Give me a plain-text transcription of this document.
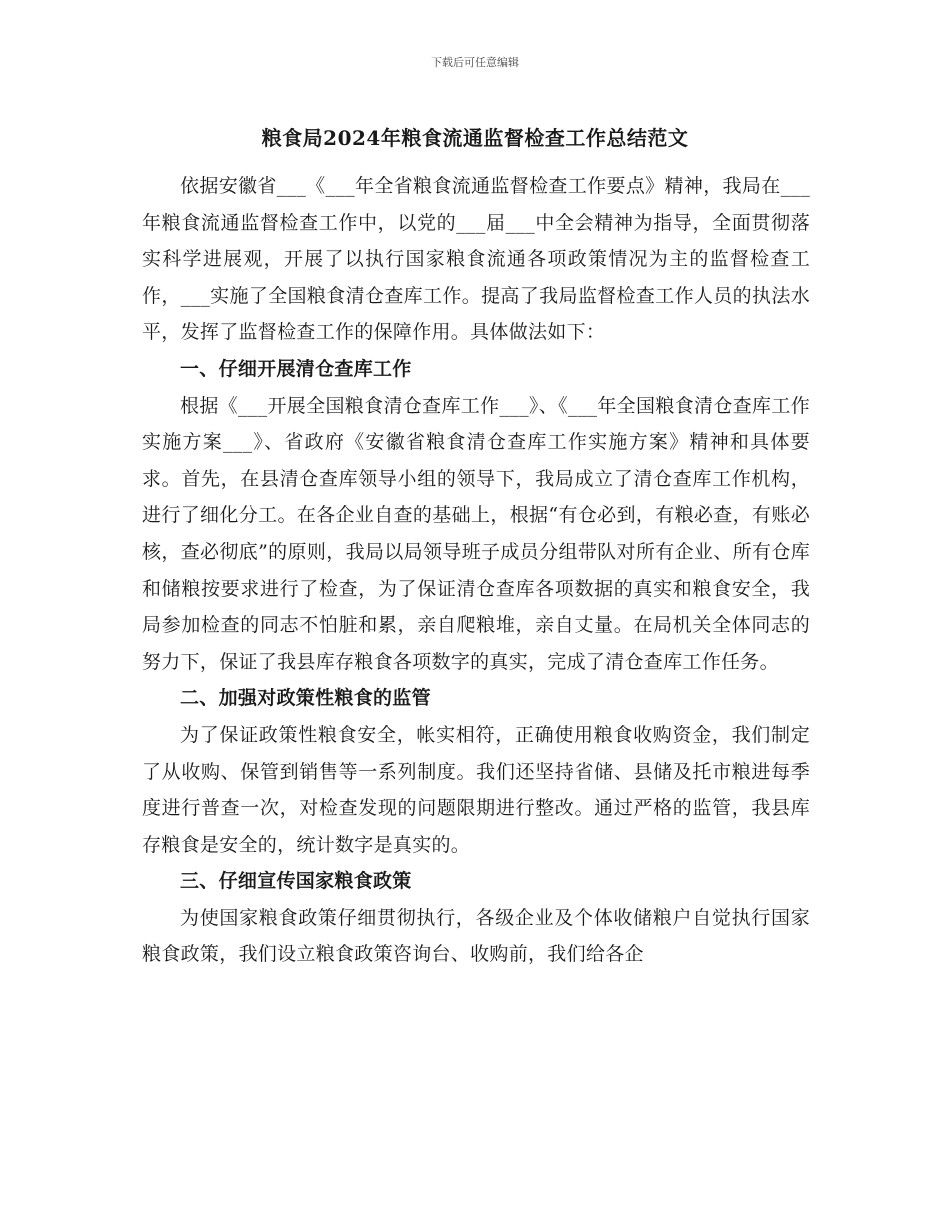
下载后可任意编辑
粮食局2024年粮食流通监督检查工作总结范文

依据安徽省___《___年全省粮食流通监督检查工作要点》精神，我局在___年粮食流通监督检查工作中，以党的___届___中全会精神为指导，全面贯彻落实科学进展观，开展了以执行国家粮食流通各项政策情况为主的监督检查工作，___实施了全国粮食清仓查库工作。提高了我局监督检查工作人员的执法水平，发挥了监督检查工作的保障作用。具体做法如下：

一、仔细开展清仓查库工作

根据《___开展全国粮食清仓查库工作___》、《___年全国粮食清仓查库工作实施方案___》、省政府《安徽省粮食清仓查库工作实施方案》精神和具体要求。首先，在县清仓查库领导小组的领导下，我局成立了清仓查库工作机构，进行了细化分工。在各企业自查的基础上，根据“有仓必到，有粮必查，有账必核，查必彻底”的原则，我局以局领导班子成员分组带队对所有企业、所有仓库和储粮按要求进行了检查，为了保证清仓查库各项数据的真实和粮食安全，我局参加检查的同志不怕脏和累，亲自爬粮堆，亲自丈量。在局机关全体同志的努力下，保证了我县库存粮食各项数字的真实，完成了清仓查库工作任务。

二、加强对政策性粮食的监管

为了保证政策性粮食安全，帐实相符，正确使用粮食收购资金，我们制定了从收购、保管到销售等一系列制度。我们还坚持省储、县储及托市粮进每季度进行普查一次，对检查发现的问题限期进行整改。通过严格的监管，我县库存粮食是安全的，统计数字是真实的。

三、仔细宣传国家粮食政策

为使国家粮食政策仔细贯彻执行，各级企业及个体收储粮户自觉执行国家粮食政策，我们设立粮食政策咨询台、收购前，我们给各企
